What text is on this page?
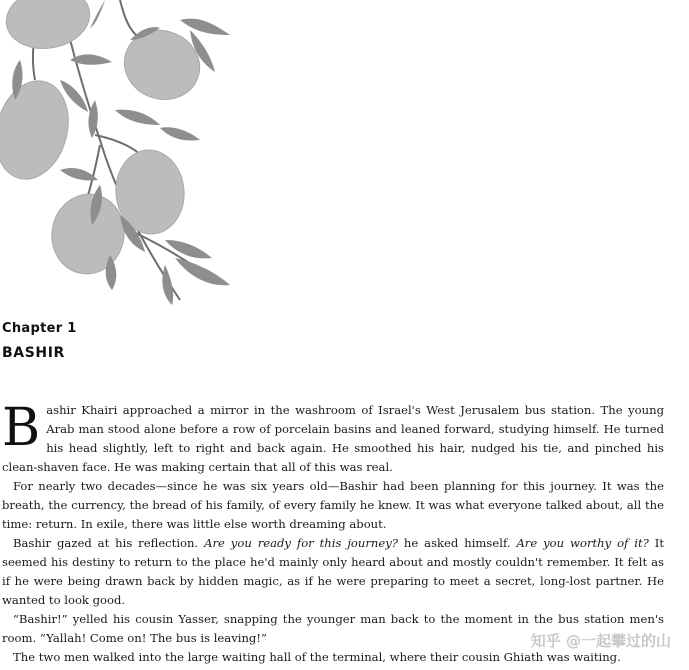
Chapter 1
BASHIR

Bashir Khairi approached a mirror in the washroom of Israel's West Jerusalem bus station. The young Arab man stood alone before a row of porcelain basins and leaned forward, studying himself. He turned his head slightly, left to right and back again. He smoothed his hair, nudged his tie, and pinched his clean-shaven face. He was making certain that all of this was real.

For nearly two decades—since he was six years old—Bashir had been planning for this journey. It was the breath, the currency, the bread of his family, of every family he knew. It was what everyone talked about, all the time: return. In exile, there was little else worth dreaming about.

Bashir gazed at his reflection. Are you ready for this journey? he asked himself. Are you worthy of it? It seemed his destiny to return to the place he'd mainly only heard about and mostly couldn't remember. It felt as if he were being drawn back by hidden magic, as if he were preparing to meet a secret, long-lost partner. He wanted to look good.

“Bashir!” yelled his cousin Yasser, snapping the younger man back to the moment in the bus station men's room. “Yallah! Come on! The bus is leaving!”

The two men walked into the large waiting hall of the terminal, where their cousin Ghiath was waiting.

知乎 @一起攀过的山
